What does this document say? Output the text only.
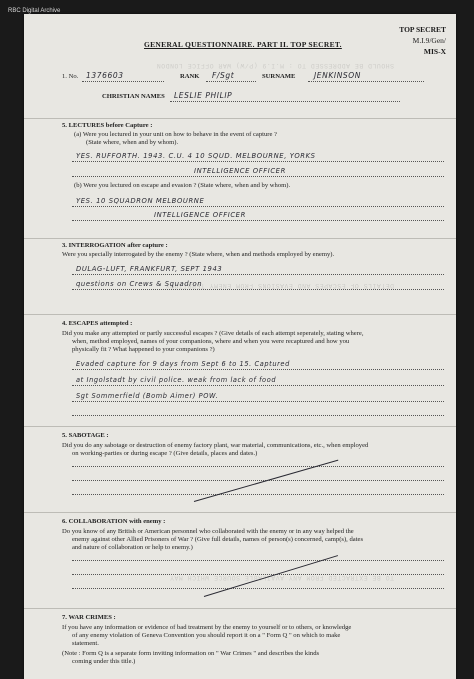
RBC Digital Archive
SHOULD BE ADDRESSED TO : M.I.9 (P/W) WAR OFFICE LONDON
DETAILS OF ESCAPES AND EVASIONS FROM ENEMY TERRITORY
TO BE EXTRACTED FROM ANY AVAILABLE SOURCE WHICH MAY
TOP SECRET
M.I.9/Gen/
MIS-X
GENERAL QUESTIONNAIRE. PART II. TOP SECRET.
1. No. 1376603	RANK F/Sgt	SURNAME JENKINSON
CHRISTIAN NAMES LESLIE PHILIP
5. LECTURES before Capture :
(a) Were you lectured in your unit on how to behave in the event of capture ?
(State where, when and by whom).
YES. RUFFORTH. 1943. C.U. 4 10 SQUD. MELBOURNE, YORKS
INTELLIGENCE OFFICER
(b) Were you lectured on escape and evasion ? (State where, when and by whom).
YES. 10 SQUADRON MELBOURNE
INTELLIGENCE OFFICER
3. INTERROGATION after capture :
Were you specially interrogated by the enemy ? (State where, when and methods employed by enemy).
DULAG-LUFT, FRANKFURT, SEPT 1943
questions on Crews & Squadron
4. ESCAPES attempted :
Did you make any attempted or partly successful escapes ? (Give details of each attempt seperately, stating where,
when, method employed, names of your companions, where and when you were recaptured and how you
physically fit ? What happened to your companions ?)
Evaded capture for 9 days from Sept 6 to 15. Captured
at Ingolstadt by civil police. weak from lack of food
Sgt Sommerfield (Bomb Aimer) POW.
5. SABOTAGE :
Did you do any sabotage or destruction of enemy factory plant, war material, communications, etc., when employed
on working-parties or during escape ? (Give details, places and dates.)
6. COLLABORATION with enemy :
Do you know of any British or American personnel who collaborated with the enemy or in any way helped the
enemy against other Allied Prisoners of War ? (Give full details, names of person(s) concerned, camp(s), dates
and nature of collaboration or help to enemy.)
7. WAR CRIMES :
If you have any information or evidence of bad treatment by the enemy to yourself or to others, or knowledge
of any enemy violation of Geneva Convention you should report it on a " Form Q " on which to make
statement.
(Note : Form Q is a separate form inviting information on " War Crimes " and describes the kinds
coming under this title.)
